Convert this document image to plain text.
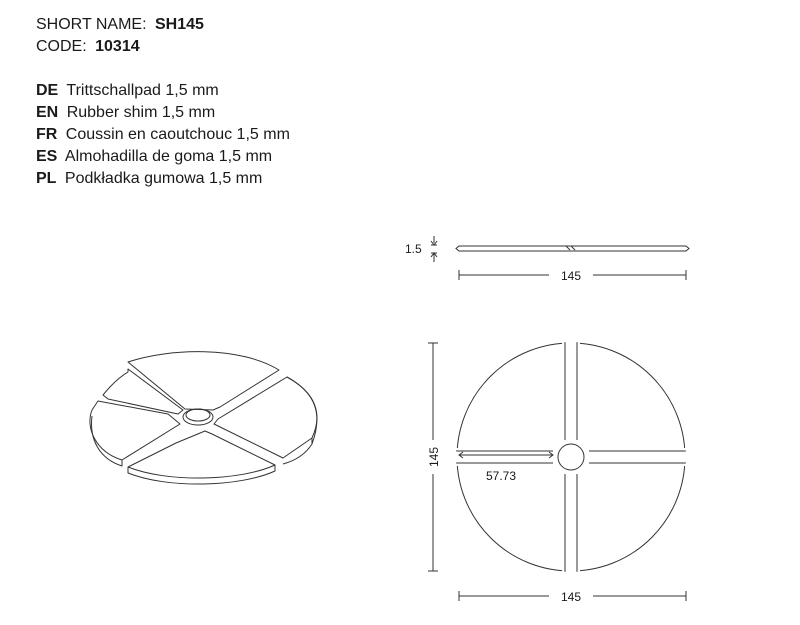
SHORT NAME: SH145
CODE: 10314
DE Trittschallpad 1,5 mm
EN Rubber shim 1,5 mm
FR Coussin en caoutchouc 1,5 mm
ES Almohadilla de goma 1,5 mm
PL Podkładka gumowa 1,5 mm
1.5
145
57.73
145
145
